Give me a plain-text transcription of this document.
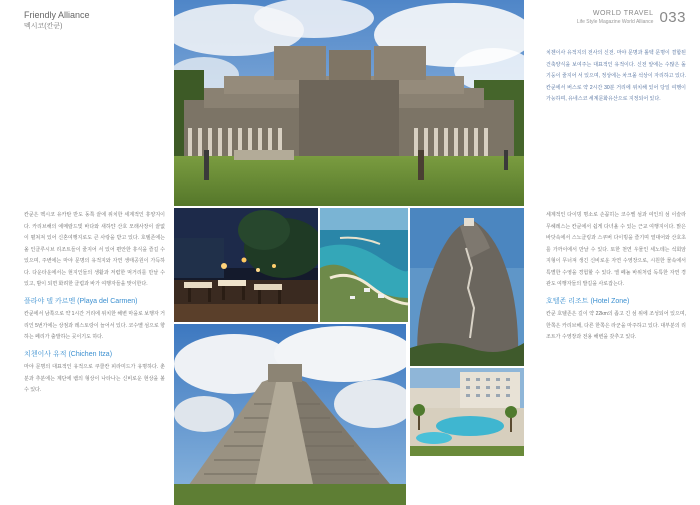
Friendly Alliance
멕시코(칸쿤)
WORLD TRAVEL
Life Style Magazine World Alliance 033
치첸이사 유적지의 전사의 신전. 마야 문명과 톨텍 문명이 결합된 건축양식을 보여주는 대표적인 유적이다. 신전 앞에는 수많은 돌기둥이 줄지어 서 있으며, 정상에는 차크몰 석상이 자리하고 있다. 칸쿤에서 버스로 약 2시간 30분 거리에 위치해 있어 당일 여행이 가능하며, 유네스코 세계문화유산으로 지정되어 있다.

칸쿤은 멕시코 유카탄 반도 동쪽 끝에 위치한 세계적인 휴양지이다. 카리브해의 에메랄드빛 바다와 새하얀 산호 모래사장이 끝없이 펼쳐져 있어 신혼여행지로도 큰 사랑을 받고 있다. 호텔존에는 올 인클루시브 리조트들이 줄지어 서 있어 편안한 휴식을 즐길 수 있으며, 주변에는 마야 문명의 유적지와 자연 생태공원이 가득하다. 다운타운에서는 현지인들의 생활과 저렴한 먹거리를 만날 수 있고, 밤이 되면 화려한 클럽과 바가 여행자들을 맞이한다.

플라야 델 카르멘 (Playa del Carmen)

칸쿤에서 남쪽으로 약 1시간 거리에 위치한 해변 마을로 보행자 거리인 5번가에는 상점과 레스토랑이 늘어서 있다. 코수멜 섬으로 향하는 페리가 출발하는 곳이기도 하다.

치첸이사 유적 (Chichen Itza)

마야 문명의 대표적인 유적으로 쿠쿨칸 피라미드가 유명하다. 춘분과 추분에는 계단에 뱀의 형상이 나타나는 신비로운 현상을 볼 수 있다.

세계적인 다이빙 명소로 손꼽히는 코수멜 섬과 여인의 섬 이슬라 무헤레스는 칸쿤에서 쉽게 다녀올 수 있는 근교 여행지이다. 맑은 바닷속에서 스노클링과 스쿠버 다이빙을 즐기며 열대어와 산호초를 가까이에서 만날 수 있다. 또한 천연 우물인 세노테는 석회암 지형이 무너져 생긴 신비로운 자연 수영장으로, 시원한 물속에서 특별한 수영을 경험할 수 있다. 엘 페뇰 바위처럼 독특한 자연 경관도 여행자들의 발길을 사로잡는다.

호텔존 리조트 (Hotel Zone)

칸쿤 호텔존은 길이 약 22km의 좁고 긴 섬 위에 조성되어 있으며, 한쪽은 카리브해, 다른 한쪽은 라군을 마주하고 있다. 대부분의 리조트가 수영장과 전용 해변을 갖추고 있다.
